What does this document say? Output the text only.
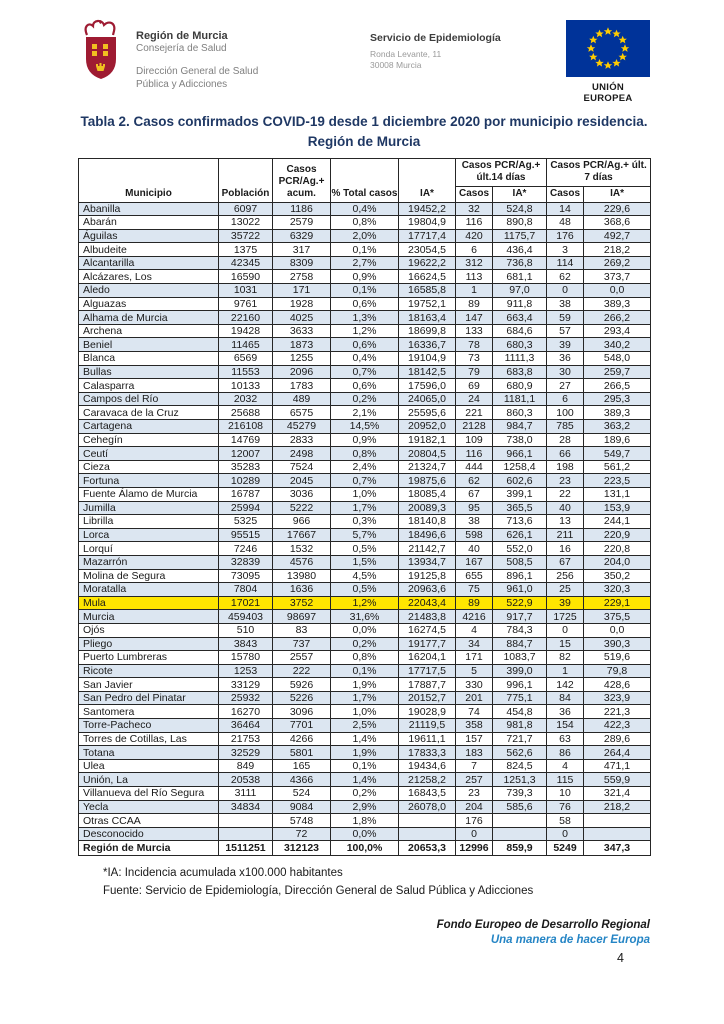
Región de Murcia
Consejería de Salud
Dirección General de Salud
Pública y Adicciones
Servicio de Epidemiología
Ronda Levante, 11
30008 Murcia
UNIÓN EUROPEA
Tabla 2. Casos confirmados COVID-19 desde 1 diciembre 2020 por municipio residencia.
Región de Murcia
Municipio	Población	Casos PCR/Ag.+ acum.	% Total casos	IA*	Casos PCR/Ag.+ últ.14 días		Casos PCR/Ag.+ últ. 7 días	
					Casos	IA*	Casos	IA*
Abanilla	6097	1186	0,4%	19452,2	32	524,8	14	229,6
Abarán	13022	2579	0,8%	19804,9	116	890,8	48	368,6
Águilas	35722	6329	2,0%	17717,4	420	1175,7	176	492,7
Albudeite	1375	317	0,1%	23054,5	6	436,4	3	218,2
Alcantarilla	42345	8309	2,7%	19622,2	312	736,8	114	269,2
Alcázares, Los	16590	2758	0,9%	16624,5	113	681,1	62	373,7
Aledo	1031	171	0,1%	16585,8	1	97,0	0	0,0
Alguazas	9761	1928	0,6%	19752,1	89	911,8	38	389,3
Alhama de Murcia	22160	4025	1,3%	18163,4	147	663,4	59	266,2
Archena	19428	3633	1,2%	18699,8	133	684,6	57	293,4
Beniel	11465	1873	0,6%	16336,7	78	680,3	39	340,2
Blanca	6569	1255	0,4%	19104,9	73	1111,3	36	548,0
Bullas	11553	2096	0,7%	18142,5	79	683,8	30	259,7
Calasparra	10133	1783	0,6%	17596,0	69	680,9	27	266,5
Campos del Río	2032	489	0,2%	24065,0	24	1181,1	6	295,3
Caravaca de la Cruz	25688	6575	2,1%	25595,6	221	860,3	100	389,3
Cartagena	216108	45279	14,5%	20952,0	2128	984,7	785	363,2
Cehegín	14769	2833	0,9%	19182,1	109	738,0	28	189,6
Ceutí	12007	2498	0,8%	20804,5	116	966,1	66	549,7
Cieza	35283	7524	2,4%	21324,7	444	1258,4	198	561,2
Fortuna	10289	2045	0,7%	19875,6	62	602,6	23	223,5
Fuente Álamo de Murcia	16787	3036	1,0%	18085,4	67	399,1	22	131,1
Jumilla	25994	5222	1,7%	20089,3	95	365,5	40	153,9
Librilla	5325	966	0,3%	18140,8	38	713,6	13	244,1
Lorca	95515	17667	5,7%	18496,6	598	626,1	211	220,9
Lorquí	7246	1532	0,5%	21142,7	40	552,0	16	220,8
Mazarrón	32839	4576	1,5%	13934,7	167	508,5	67	204,0
Molina de Segura	73095	13980	4,5%	19125,8	655	896,1	256	350,2
Moratalla	7804	1636	0,5%	20963,6	75	961,0	25	320,3
Mula	17021	3752	1,2%	22043,4	89	522,9	39	229,1
Murcia	459403	98697	31,6%	21483,8	4216	917,7	1725	375,5
Ojós	510	83	0,0%	16274,5	4	784,3	0	0,0
Pliego	3843	737	0,2%	19177,7	34	884,7	15	390,3
Puerto Lumbreras	15780	2557	0,8%	16204,1	171	1083,7	82	519,6
Ricote	1253	222	0,1%	17717,5	5	399,0	1	79,8
San Javier	33129	5926	1,9%	17887,7	330	996,1	142	428,6
San Pedro del Pinatar	25932	5226	1,7%	20152,7	201	775,1	84	323,9
Santomera	16270	3096	1,0%	19028,9	74	454,8	36	221,3
Torre-Pacheco	36464	7701	2,5%	21119,5	358	981,8	154	422,3
Torres de Cotillas, Las	21753	4266	1,4%	19611,1	157	721,7	63	289,6
Totana	32529	5801	1,9%	17833,3	183	562,6	86	264,4
Ulea	849	165	0,1%	19434,6	7	824,5	4	471,1
Unión, La	20538	4366	1,4%	21258,2	257	1251,3	115	559,9
Villanueva del Río Segura	3111	524	0,2%	16843,5	23	739,3	10	321,4
Yecla	34834	9084	2,9%	26078,0	204	585,6	76	218,2
Otras CCAA		5748	1,8%		176		58	
Desconocido		72	0,0%		0		0	
Región de Murcia	1511251	312123	100,0%	20653,3	12996	859,9	5249	347,3
*IA: Incidencia acumulada x100.000 habitantes
Fuente: Servicio de Epidemiología, Dirección General de Salud Pública y Adicciones
Fondo Europeo de Desarrollo Regional
Una manera de hacer Europa
4
